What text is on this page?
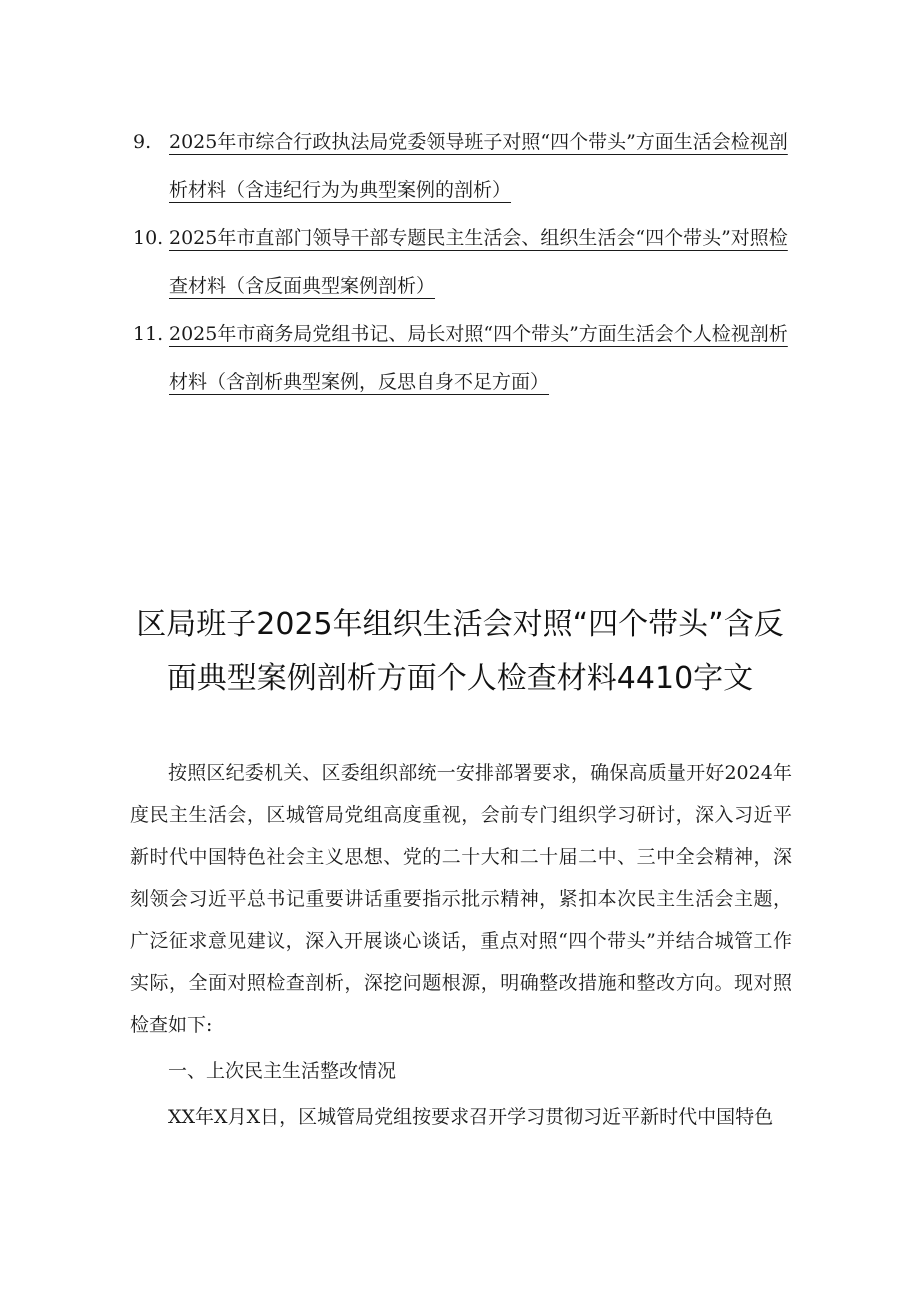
9. 2025年市综合行政执法局党委领导班子对照“四个带头”方面生活会检视剖析材料（含违纪行为为典型案例的剖析）
10. 2025年市直部门领导干部专题民主生活会、组织生活会“四个带头”对照检查材料（含反面典型案例剖析）
11. 2025年市商务局党组书记、局长对照“四个带头”方面生活会个人检视剖析材料（含剖析典型案例，反思自身不足方面）
区局班子2025年组织生活会对照“四个带头”含反
面典型案例剖析方面个人检查材料4410字文

按照区纪委机关、区委组织部统一安排部署要求，确保高质量开好2024年度民主生活会，区城管局党组高度重视，会前专门组织学习研讨，深入习近平新时代中国特色社会主义思想、党的二十大和二十届二中、三中全会精神，深刻领会习近平总书记重要讲话重要指示批示精神，紧扣本次民主生活会主题，广泛征求意见建议，深入开展谈心谈话，重点对照“四个带头”并结合城管工作实际，全面对照检查剖析，深挖问题根源，明确整改措施和整改方向。现对照检查如下:

一、上次民主生活整改情况

XX年X月X日，区城管局党组按要求召开学习贯彻习近平新时代中国特色
